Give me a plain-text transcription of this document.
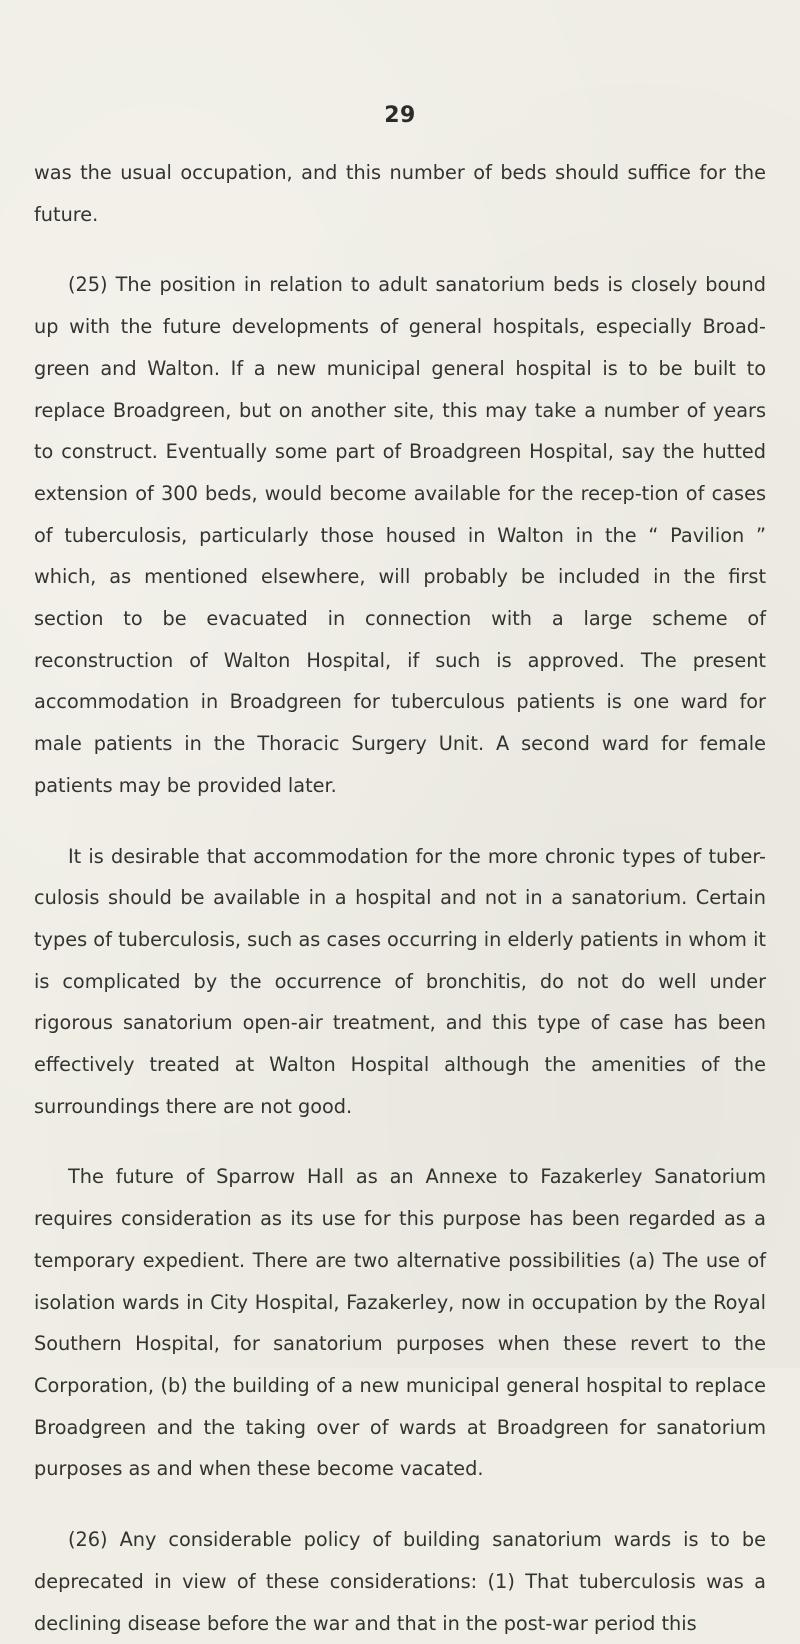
29

was the usual occupation, and this number of beds should suffice for the future.

(25) The position in relation to adult sanatorium beds is closely bound up with the future developments of general hospitals, especially Broad-green and Walton. If a new municipal general hospital is to be built to replace Broadgreen, but on another site, this may take a number of years to construct. Eventually some part of Broadgreen Hospital, say the hutted extension of 300 beds, would become available for the recep-tion of cases of tuberculosis, particularly those housed in Walton in the “ Pavilion ” which, as mentioned elsewhere, will probably be included in the first section to be evacuated in connection with a large scheme of reconstruction of Walton Hospital, if such is approved. The present accommodation in Broadgreen for tuberculous patients is one ward for male patients in the Thoracic Surgery Unit. A second ward for female patients may be provided later.

It is desirable that accommodation for the more chronic types of tuber-culosis should be available in a hospital and not in a sanatorium. Certain types of tuberculosis, such as cases occurring in elderly patients in whom it is complicated by the occurrence of bronchitis, do not do well under rigorous sanatorium open-air treatment, and this type of case has been effectively treated at Walton Hospital although the amenities of the surroundings there are not good.

The future of Sparrow Hall as an Annexe to Fazakerley Sanatorium requires consideration as its use for this purpose has been regarded as a temporary expedient. There are two alternative possibilities (a) The use of isolation wards in City Hospital, Fazakerley, now in occupation by the Royal Southern Hospital, for sanatorium purposes when these revert to the Corporation, (b) the building of a new municipal general hospital to replace Broadgreen and the taking over of wards at Broadgreen for sanatorium purposes as and when these become vacated.

(26) Any considerable policy of building sanatorium wards is to be deprecated in view of these considerations: (1) That tuberculosis was a declining disease before the war and that in the post-war period this
